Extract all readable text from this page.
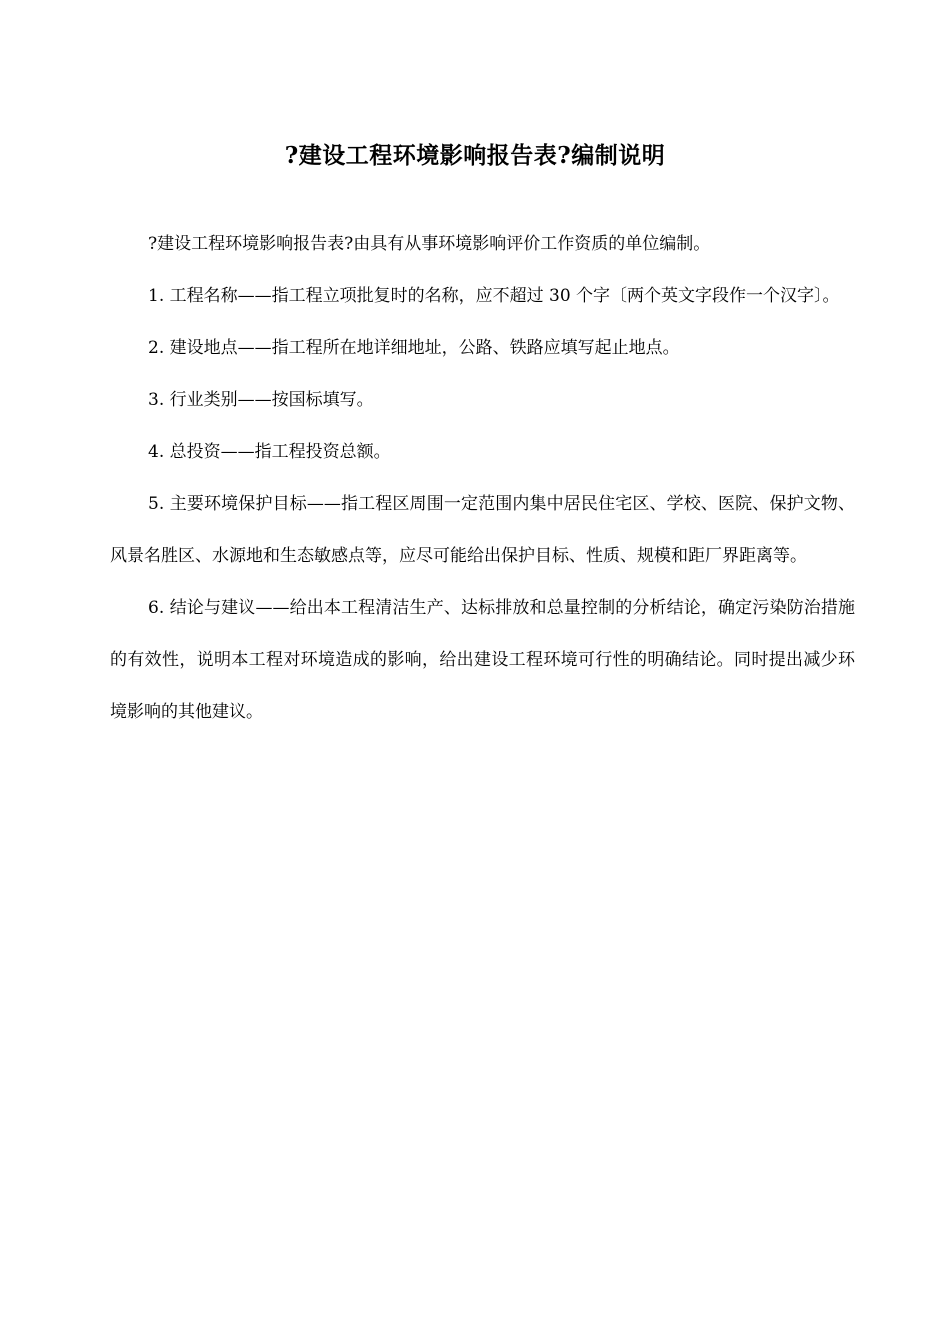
?建设工程环境影响报告表?编制说明

?建设工程环境影响报告表?由具有从事环境影响评价工作资质的单位编制。

1. 工程名称——指工程立项批复时的名称，应不超过 30 个字〔两个英文字段作一个汉字〕。

2. 建设地点——指工程所在地详细地址，公路、铁路应填写起止地点。

3. 行业类别——按国标填写。

4. 总投资——指工程投资总额。

5. 主要环境保护目标——指工程区周围一定范围内集中居民住宅区、学校、医院、保护文物、风景名胜区、水源地和生态敏感点等，应尽可能给出保护目标、性质、规模和距厂界距离等。

6. 结论与建议——给出本工程清洁生产、达标排放和总量控制的分析结论，确定污染防治措施的有效性，说明本工程对环境造成的影响，给出建设工程环境可行性的明确结论。同时提出减少环境影响的其他建议。
